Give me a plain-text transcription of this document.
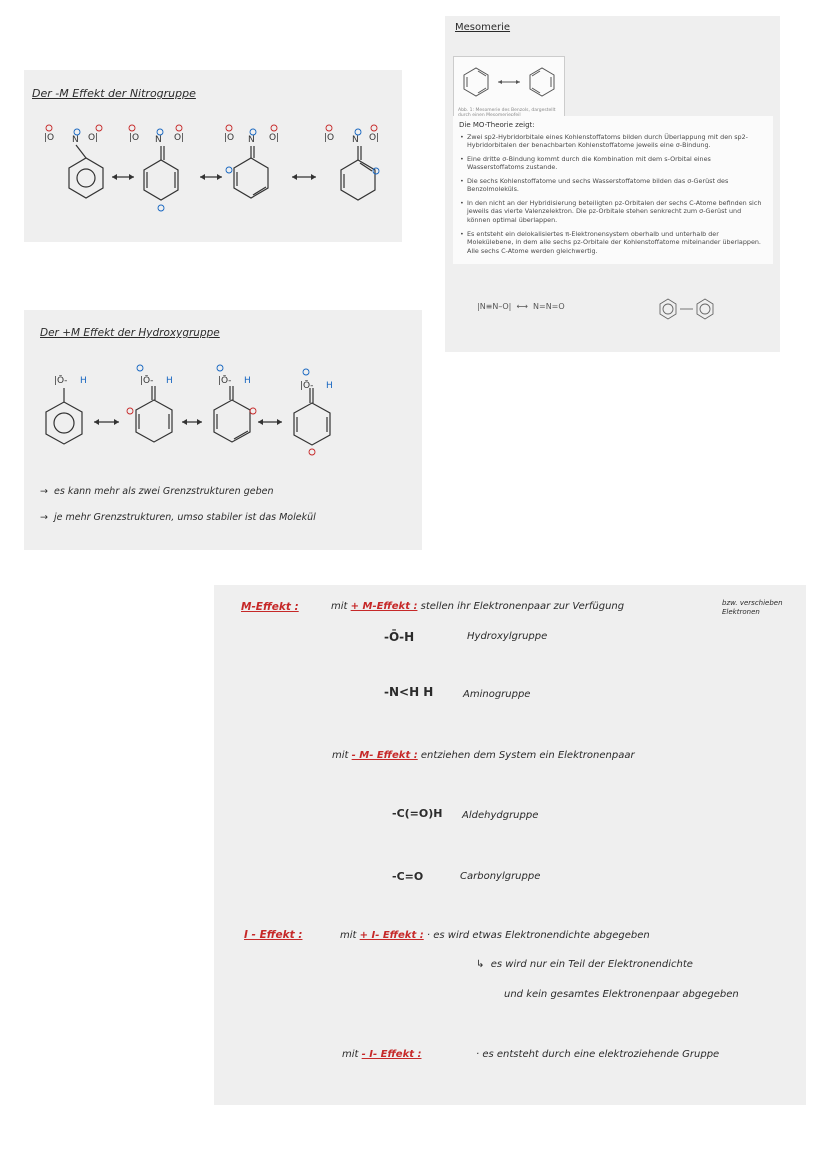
Der -M Effekt der Nitrogruppe
|O N O|	|O N O|	|O N O|	|O N O|
Der +M Effekt der Hydroxygruppe
|Ō-	|Ō-	|Ō-	|Ō-
H	H	H	H
→  es kann mehr als zwei Grenzstrukturen geben
→  je mehr Grenzstrukturen, umso stabiler ist das Molekül
Mesomerie
Abb. 1: Mesomerie des Benzols, dargestellt
Die MO-Theorie zeigt:
• Zwei sp2-Hybridorbitale eines Kohlenstoffatoms bilden durch Überlappung mit den sp2-Hybridorbitalen der benachbarten Kohlenstoffatome jeweils eine σ-Bindung.
• Eine dritte σ-Bindung kommt durch die Kombination mit dem s-Orbital eines Wasserstoffatoms zustande.
• Die sechs Kohlenstoffatome und sechs Wasserstoffatome bilden das σ-Gerüst des Benzolmoleküls.
• In den nicht an der Hybridisierung beteiligten pz-Orbitalen der sechs C-Atome befinden sich jeweils das vierte Valenzelektron. Die pz-Orbitale stehen senkrecht zum σ-Gerüst und können optimal überlappen.
• Es entsteht ein delokalisiertes π-Elektronensystem oberhalb und unterhalb der Molekülebene, in dem alle sechs pz-Orbitale der Kohlenstoffatome miteinander überlappen. Alle sechs C-Atome werden gleichwertig.
|N≡N–O|  ⟷  N=N=O
M-Effekt :	mit + M-Effekt : stellen ihr Elektronenpaar zur Verfügung	bzw. verschieben Elektronen
-Ō-H	Hydroxylgruppe
-N<H H	Aminogruppe
mit - M- Effekt : entziehen dem System ein Elektronenpaar
-C(=O)H Aldehydgruppe
-C=O	Carbonylgruppe
I - Effekt :	mit + I- Effekt : · es wird etwas Elektronendichte abgegeben
↳  es wird nur ein Teil der Elektronendichte
und kein gesamtes Elektronenpaar abgegeben
mit - I- Effekt :	· es entsteht durch eine elektroziehende Gruppe
